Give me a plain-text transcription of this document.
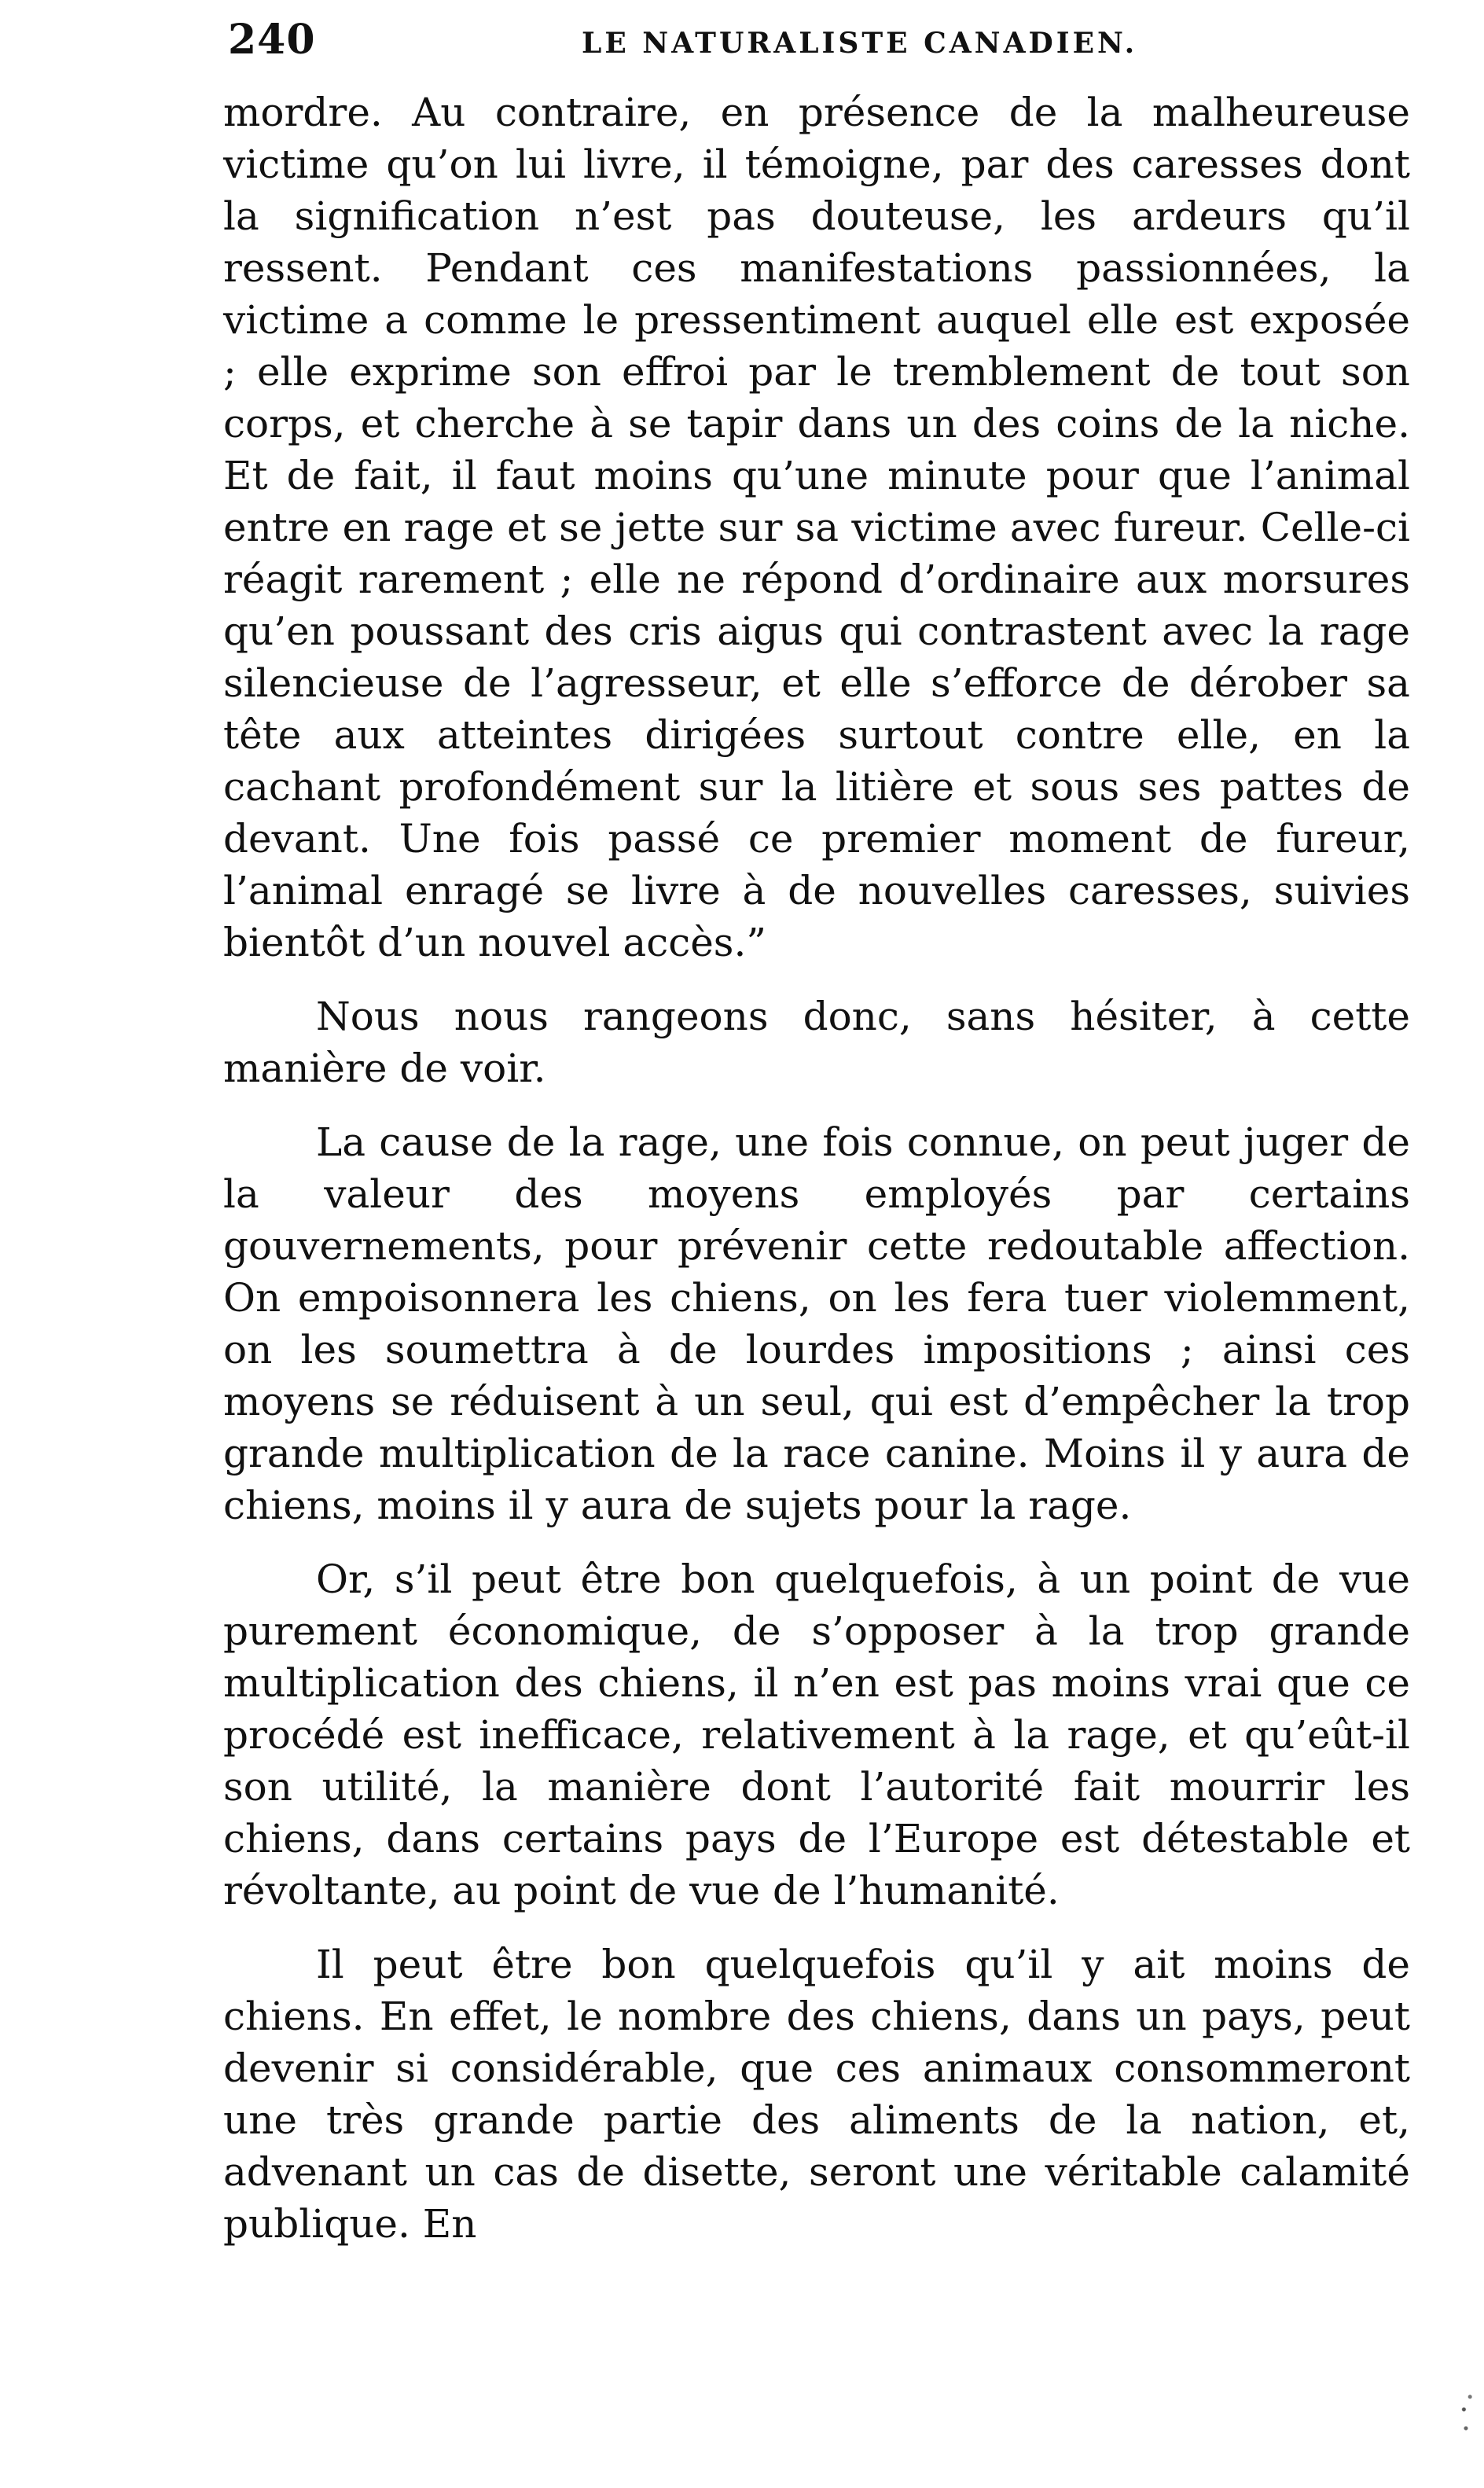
240	LE NATURALISTE CANADIEN.

mordre. Au contraire, en présence de la malheureuse victime qu’on lui livre, il témoigne, par des caresses dont la signification n’est pas douteuse, les ardeurs qu’il ressent. Pendant ces manifestations passionnées, la victime a comme le pressentiment auquel elle est exposée ; elle exprime son effroi par le tremblement de tout son corps, et cherche à se tapir dans un des coins de la niche. Et de fait, il faut moins qu’une minute pour que l’animal entre en rage et se jette sur sa victime avec fureur. Celle-ci réagit rarement ; elle ne répond d’ordinaire aux morsures qu’en poussant des cris aigus qui contrastent avec la rage silencieuse de l’agresseur, et elle s’efforce de dérober sa tête aux atteintes dirigées surtout contre elle, en la cachant profondément sur la litière et sous ses pattes de devant. Une fois passé ce premier moment de fureur, l’animal enragé se livre à de nouvelles caresses, suivies bientôt d’un nouvel accès.”

Nous nous rangeons donc, sans hésiter, à cette manière de voir.

La cause de la rage, une fois connue, on peut juger de la valeur des moyens employés par certains gouvernements, pour prévenir cette redoutable affection. On empoisonnera les chiens, on les fera tuer violemment, on les soumettra à de lourdes impositions ; ainsi ces moyens se réduisent à un seul, qui est d’empêcher la trop grande multiplication de la race canine. Moins il y aura de chiens, moins il y aura de sujets pour la rage.

Or, s’il peut être bon quelquefois, à un point de vue purement économique, de s’opposer à la trop grande multiplication des chiens, il n’en est pas moins vrai que ce procédé est inefficace, relativement à la rage, et qu’eût-il son utilité, la manière dont l’autorité fait mourrir les chiens, dans certains pays de l’Europe est détestable et révoltante, au point de vue de l’humanité.

Il peut être bon quelquefois qu’il y ait moins de chiens. En effet, le nombre des chiens, dans un pays, peut devenir si considérable, que ces animaux consommeront une très grande partie des aliments de la nation, et, advenant un cas de disette, seront une véritable calamité publique. En
